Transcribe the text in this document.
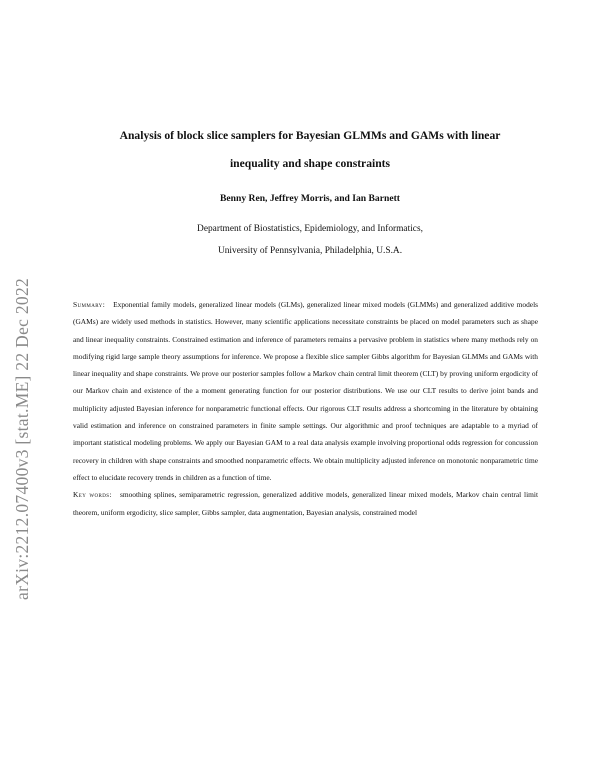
arXiv:2212.07400v3 [stat.ME] 22 Dec 2022
Analysis of block slice samplers for Bayesian GLMMs and GAMs with linear
inequality and shape constraints
Benny Ren, Jeffrey Morris, and Ian Barnett
Department of Biostatistics, Epidemiology, and Informatics,
University of Pennsylvania, Philadelphia, U.S.A.

Summary: Exponential family models, generalized linear models (GLMs), generalized linear mixed models (GLMMs) and generalized additive models (GAMs) are widely used methods in statistics. However, many scientific applications necessitate constraints be placed on model parameters such as shape and linear inequality constraints. Constrained estimation and inference of parameters remains a pervasive problem in statistics where many methods rely on modifying rigid large sample theory assumptions for inference. We propose a flexible slice sampler Gibbs algorithm for Bayesian GLMMs and GAMs with linear inequality and shape constraints. We prove our posterior samples follow a Markov chain central limit theorem (CLT) by proving uniform ergodicity of our Markov chain and existence of the a moment generating function for our posterior distributions. We use our CLT results to derive joint bands and multiplicity adjusted Bayesian inference for nonparametric functional effects. Our rigorous CLT results address a shortcoming in the literature by obtaining valid estimation and inference on constrained parameters in finite sample settings. Our algorithmic and proof techniques are adaptable to a myriad of important statistical modeling problems. We apply our Bayesian GAM to a real data analysis example involving proportional odds regression for concussion recovery in children with shape constraints and smoothed nonparametric effects. We obtain multiplicity adjusted inference on monotonic nonparametric time effect to elucidate recovery trends in children as a function of time.

Key words: smoothing splines, semiparametric regression, generalized additive models, generalized linear mixed models, Markov chain central limit theorem, uniform ergodicity, slice sampler, Gibbs sampler, data augmentation, Bayesian analysis, constrained model
